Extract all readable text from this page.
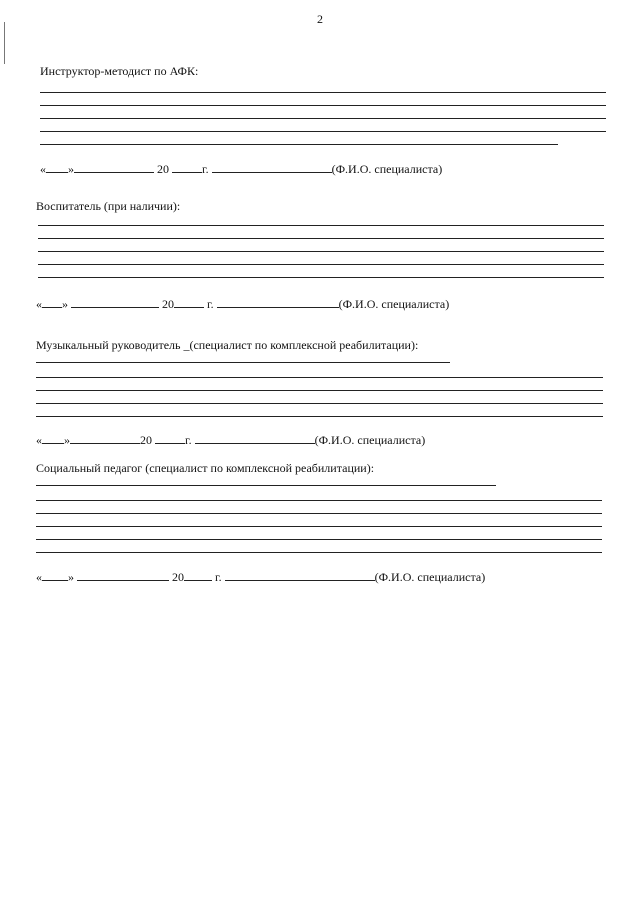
2
Инструктор-методист по АФК:
« »	20	г.	(Ф.И.О. специалиста)
Воспитатель (при наличии):
« »	20	г.	(Ф.И.О. специалиста)
Музыкальный руководитель _(специалист по комплексной реабилитации):
« »	20	г.	(Ф.И.О. специалиста)
Социальный педагог (специалист по комплексной реабилитации):
« »	20	г.	(Ф.И.О. специалиста)
